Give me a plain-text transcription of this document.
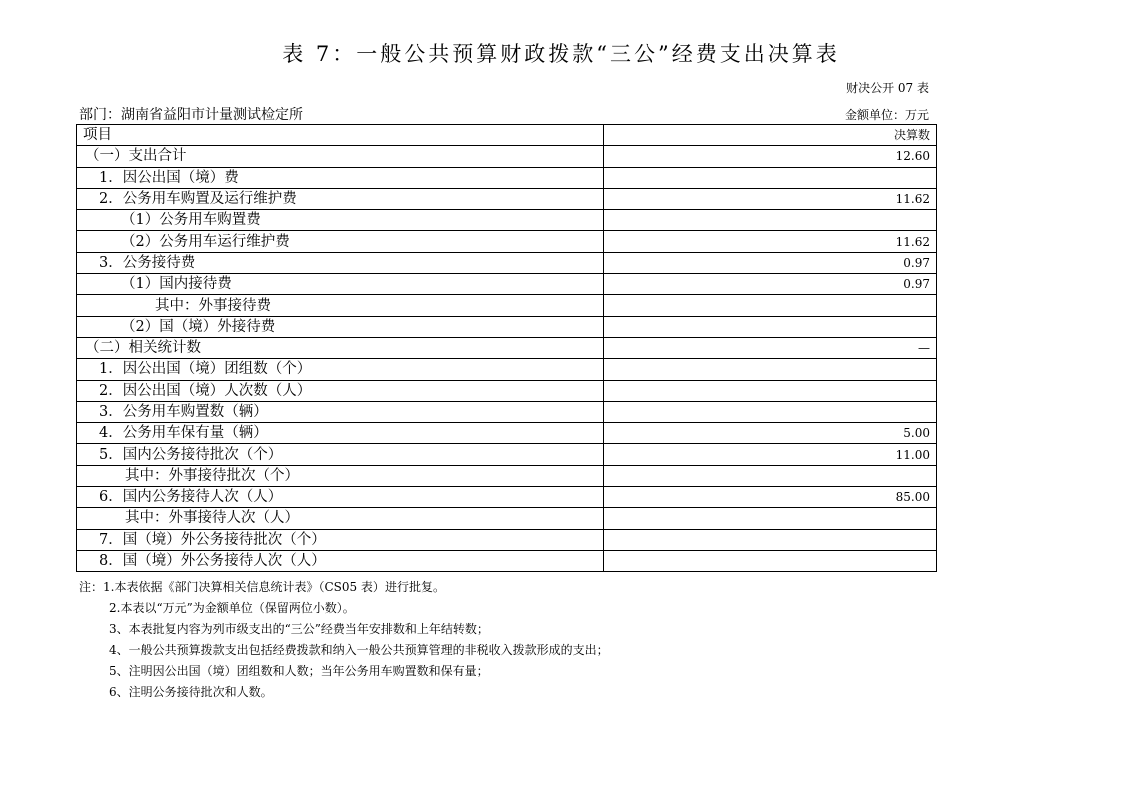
表 7：一般公共预算财政拨款“三公”经费支出决算表
财决公开 07 表
部门：湖南省益阳市计量测试检定所	金额单位：万元
项目	决算数
（一）支出合计	12.60
1．因公出国（境）费	
2．公务用车购置及运行维护费	11.62
（1）公务用车购置费	
（2）公务用车运行维护费	11.62
3．公务接待费	0.97
（1）国内接待费	0.97
其中：外事接待费	
（2）国（境）外接待费	
（二）相关统计数	—
1．因公出国（境）团组数（个）	
2．因公出国（境）人次数（人）	
3．公务用车购置数（辆）	
4．公务用车保有量（辆）	5.00
5．国内公务接待批次（个）	11.00
其中：外事接待批次（个）	
6．国内公务接待人次（人）	85.00
其中：外事接待人次（人）	
7．国（境）外公务接待批次（个）	
8．国（境）外公务接待人次（人）	
注：1.本表依据《部门决算相关信息统计表》（CS05 表）进行批复。
2.本表以“万元”为金额单位（保留两位小数）。
3、本表批复内容为列市级支出的“三公”经费当年安排数和上年结转数；
4、一般公共预算拨款支出包括经费拨款和纳入一般公共预算管理的非税收入拨款形成的支出；
5、注明因公出国（境）团组数和人数；当年公务用车购置数和保有量；
6、注明公务接待批次和人数。
